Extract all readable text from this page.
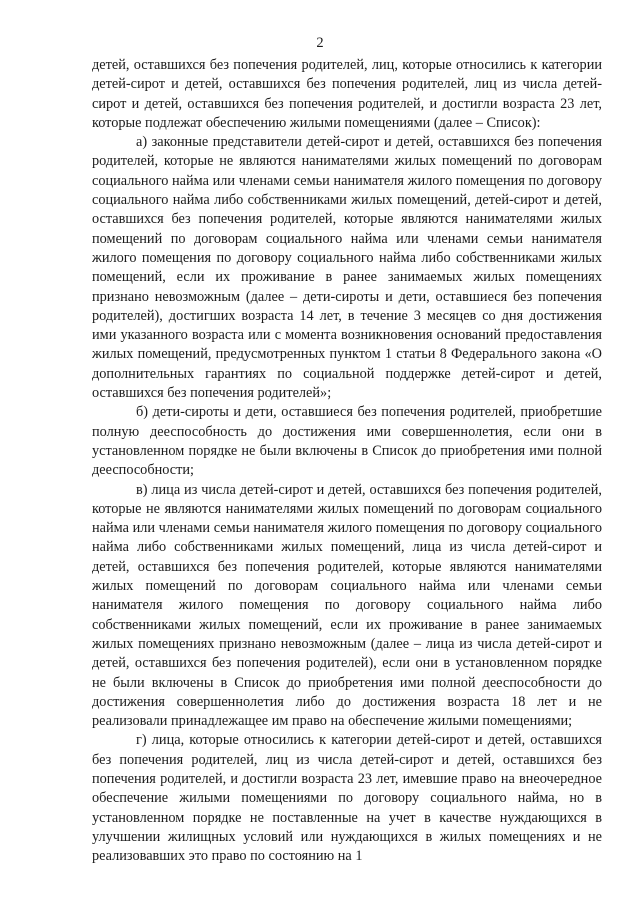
2

детей, оставшихся без попечения родителей, лиц, которые относились к категории детей-сирот и детей, оставшихся без попечения родителей, лиц из числа детей-сирот и детей, оставшихся без попечения родителей, и достигли возраста 23 лет, которые подлежат обеспечению жилыми помещениями (далее – Список):

а) законные представители детей-сирот и детей, оставшихся без попечения родителей, которые не являются нанимателями жилых помещений по договорам социального найма или членами семьи нанимателя жилого помещения по договору социального найма либо собственниками жилых помещений, детей-сирот и детей, оставшихся без попечения родителей, которые являются нанимателями жилых помещений по договорам социального найма или членами семьи нанимателя жилого помещения по договору социального найма либо собственниками жилых помещений, если их проживание в ранее занимаемых жилых помещениях признано невозможным (далее – дети-сироты и дети, оставшиеся без попечения родителей), достигших возраста 14 лет, в течение 3 месяцев со дня достижения ими указанного возраста или с момента возникновения оснований предоставления жилых помещений, предусмотренных пунктом 1 статьи 8 Федерального закона «О дополнительных гарантиях по социальной поддержке детей-сирот и детей, оставшихся без попечения родителей»;

б) дети-сироты и дети, оставшиеся без попечения родителей, приобретшие полную дееспособность до достижения ими совершеннолетия, если они в установленном порядке не были включены в Список до приобретения ими полной дееспособности;

в) лица из числа детей-сирот и детей, оставшихся без попечения родителей, которые не являются нанимателями жилых помещений по договорам социального найма или членами семьи нанимателя жилого помещения по договору социального найма либо собственниками жилых помещений, лица из числа детей-сирот и детей, оставшихся без попечения родителей, которые являются нанимателями жилых помещений по договорам социального найма или членами семьи нанимателя жилого помещения по договору социального найма либо собственниками жилых помещений, если их проживание в ранее занимаемых жилых помещениях признано невозможным (далее – лица из числа детей-сирот и детей, оставшихся без попечения родителей), если они в установленном порядке не были включены в Список до приобретения ими полной дееспособности до достижения совершеннолетия либо до достижения возраста 18 лет и не реализовали принадлежащее им право на обеспечение жилыми помещениями;

г) лица, которые относились к категории детей-сирот и детей, оставшихся без попечения родителей, лиц из числа детей-сирот и детей, оставшихся без попечения родителей, и достигли возраста 23 лет, имевшие право на внеочередное обеспечение жилыми помещениями по договору социального найма, но в установленном порядке не поставленные на учет в качестве нуждающихся в улучшении жилищных условий или нуждающихся в жилых помещениях и не реализовавших это право по состоянию на 1
